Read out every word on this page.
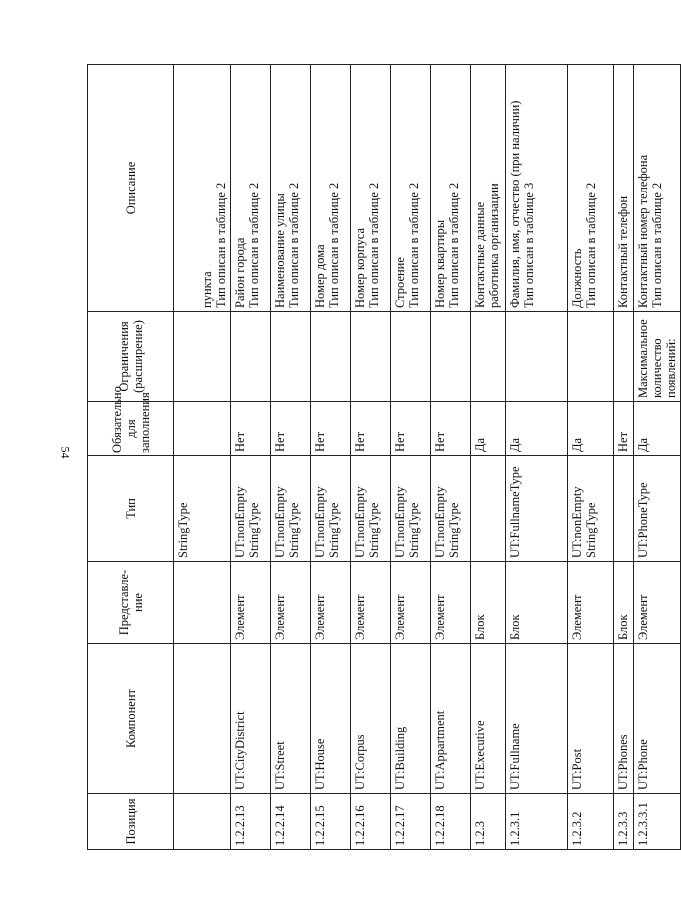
54
Позиция	Компонент	Представле-ние	Тип	Обязательно для заполнения	Ограничения (расширение)	Описание
			StringType			пункта Тип описан в таблице 2

1.2.2.13	UT:CityDistrict	Элемент	UT:nonEmpty StringType	Нет		Район города Тип описан в таблице 2

1.2.2.14	UT:Street	Элемент	UT:nonEmpty StringType	Нет		Наименование улицы Тип описан в таблице 2

1.2.2.15	UT:House	Элемент	UT:nonEmpty StringType	Нет		Номер дома Тип описан в таблице 2

1.2.2.16	UT:Corpus	Элемент	UT:nonEmpty StringType	Нет		Номер корпуса Тип описан в таблице 2

1.2.2.17	UT:Building	Элемент	UT:nonEmpty StringType	Нет		Строение Тип описан в таблице 2

1.2.2.18	UT:Appartment	Элемент	UT:nonEmpty StringType	Нет		Номер квартиры Тип описан в таблице 2

1.2.3	UT:Executive	Блок		Да		Контактные данные работника организации

1.2.3.1	UT:Fullname	Блок	UT:FullnameType	Да		Фамилия, имя, отчество (при наличии) Тип описан в таблице 3

1.2.3.2	UT:Post	Элемент	UT:nonEmpty StringType	Да		Должность Тип описан в таблице 2

1.2.3.3	UT:Phones	Блок		Нет		Контактный телефон

1.2.3.3.1	UT:Phone	Элемент	UT:PhoneType	Да	Максимальное количество появлений:	Контактный номер телефона Тип описан в таблице 2
